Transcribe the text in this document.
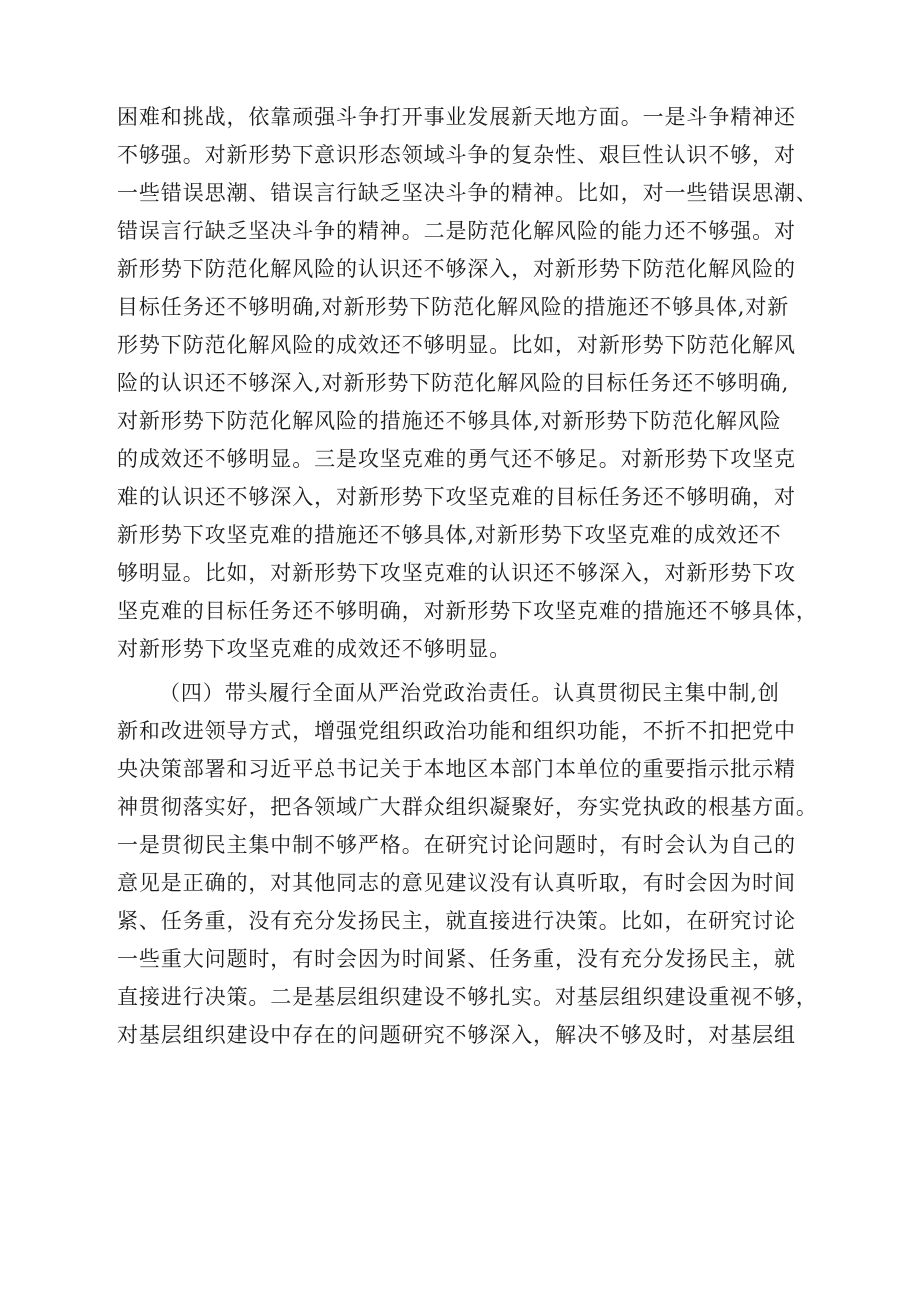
困难和挑战，依靠顽强斗争打开事业发展新天地方面。一是斗争精神还
不够强。对新形势下意识形态领域斗争的复杂性、艰巨性认识不够，对
一些错误思潮、错误言行缺乏坚决斗争的精神。比如，对一些错误思潮、
错误言行缺乏坚决斗争的精神。二是防范化解风险的能力还不够强。对
新形势下防范化解风险的认识还不够深入，对新形势下防范化解风险的
目标任务还不够明确,对新形势下防范化解风险的措施还不够具体,对新
形势下防范化解风险的成效还不够明显。比如，对新形势下防范化解风
险的认识还不够深入,对新形势下防范化解风险的目标任务还不够明确,
对新形势下防范化解风险的措施还不够具体,对新形势下防范化解风险
的成效还不够明显。三是攻坚克难的勇气还不够足。对新形势下攻坚克
难的认识还不够深入，对新形势下攻坚克难的目标任务还不够明确，对
新形势下攻坚克难的措施还不够具体,对新形势下攻坚克难的成效还不
够明显。比如，对新形势下攻坚克难的认识还不够深入，对新形势下攻
坚克难的目标任务还不够明确，对新形势下攻坚克难的措施还不够具体，
对新形势下攻坚克难的成效还不够明显。
（四）带头履行全面从严治党政治责任。认真贯彻民主集中制,创
新和改进领导方式，增强党组织政治功能和组织功能，不折不扣把党中
央决策部署和习近平总书记关于本地区本部门本单位的重要指示批示精
神贯彻落实好，把各领域广大群众组织凝聚好，夯实党执政的根基方面。
一是贯彻民主集中制不够严格。在研究讨论问题时，有时会认为自己的
意见是正确的，对其他同志的意见建议没有认真听取，有时会因为时间
紧、任务重，没有充分发扬民主，就直接进行决策。比如，在研究讨论
一些重大问题时，有时会因为时间紧、任务重，没有充分发扬民主，就
直接进行决策。二是基层组织建设不够扎实。对基层组织建设重视不够，
对基层组织建设中存在的问题研究不够深入，解决不够及时，对基层组
